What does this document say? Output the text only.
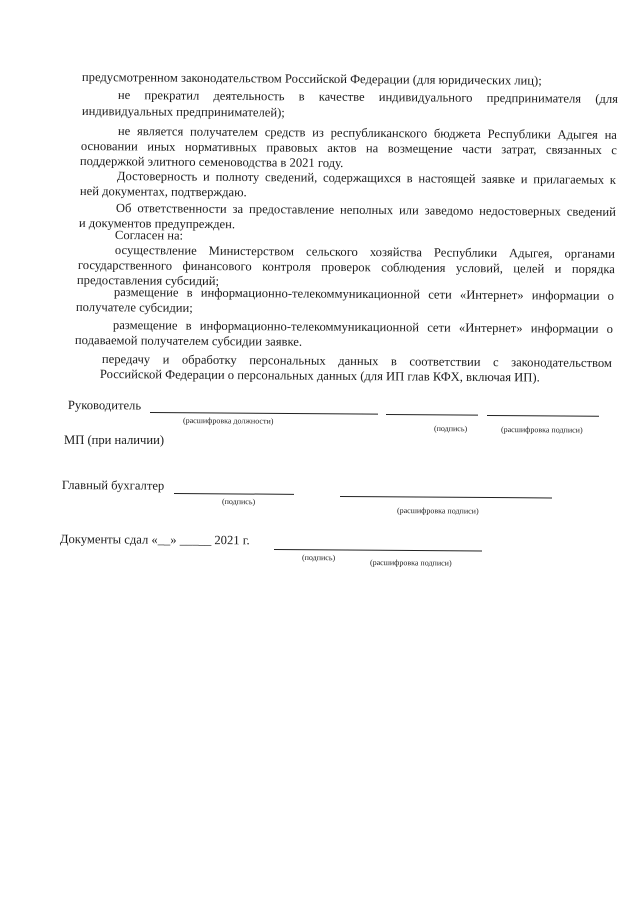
предусмотренном законодательством Российской Федерации (для юридических лиц);
не прекратил деятельность в качестве индивидуального предпринимателя (для
индивидуальных предпринимателей);
не является получателем средств из республиканского бюджета Республики Адыгея на
основании иных нормативных правовых актов на возмещение части затрат, связанных с
поддержкой элитного семеноводства в 2021 году.
Достоверность и полноту сведений, содержащихся в настоящей заявке и прилагаемых к
ней документах, подтверждаю.
Об ответственности за предоставление неполных или заведомо недостоверных сведений
и документов предупрежден.
Согласен на:
осуществление Министерством сельского хозяйства Республики Адыгея, органами
государственного финансового контроля проверок соблюдения условий, целей и порядка
предоставления субсидий;
размещение в информационно-телекоммуникационной сети «Интернет» информации о
получателе субсидии;
размещение в информационно-телекоммуникационной сети «Интернет» информации о
подаваемой получателем субсидии заявке.
передачу и обработку персональных данных в соответствии с законодательством
Российской Федерации о персональных данных (для ИП глав КФХ, включая ИП).
Руководитель
(расшифровка должности)
(подпись)	(расшифровка подписи)
МП (при наличии)
Главный бухгалтер
(подпись)
(расшифровка подписи)
Документы сдал «__» _____ 2021 г.
(подпись)
(расшифровка подписи)
